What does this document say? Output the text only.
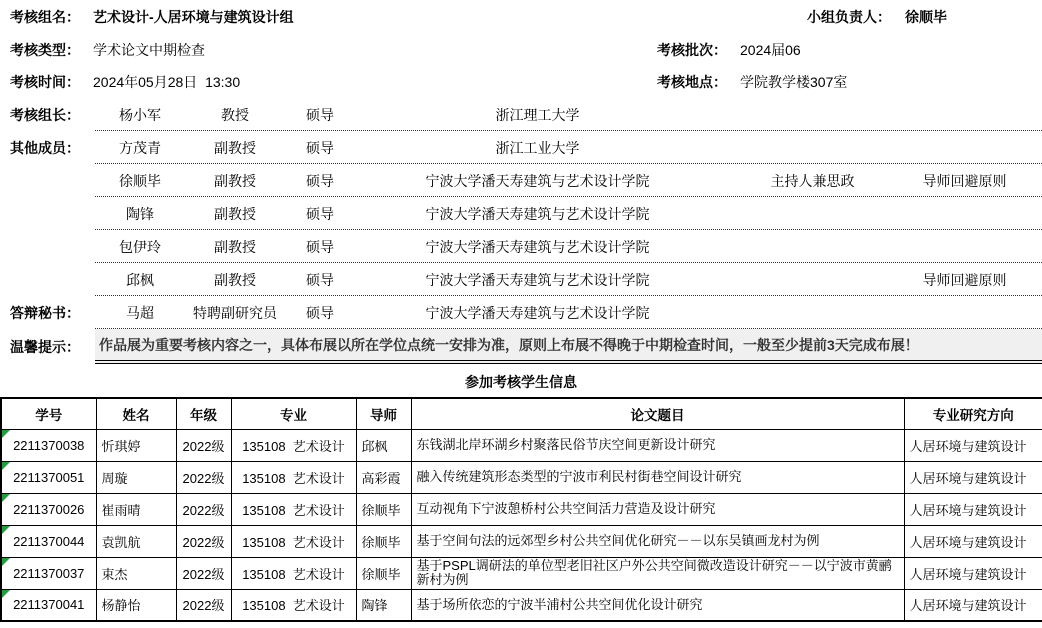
考核组名： 艺术设计-人居环境与建筑设计组	小组负责人： 徐顺毕
考核类型： 学术论文中期检查	考核批次： 2024届06
考核时间： 2024年05月28日  13:30	考核地点： 学院教学楼307室
考核组长：	杨小军	教授	硕导	浙江理工大学
其他成员：	方茂青	副教授	硕导	浙江工业大学
徐顺毕	副教授	硕导	宁波大学潘天寿建筑与艺术设计学院	主持人兼思政	导师回避原则
陶锋	副教授	硕导	宁波大学潘天寿建筑与艺术设计学院
包伊玲	副教授	硕导	宁波大学潘天寿建筑与艺术设计学院
邱枫	副教授	硕导	宁波大学潘天寿建筑与艺术设计学院	导师回避原则
答辩秘书：	马超	特聘副研究员	硕导	宁波大学潘天寿建筑与艺术设计学院
温馨提示：	作品展为重要考核内容之一，具体布展以所在学位点统一安排为准，原则上布展不得晚于中期检查时间，一般至少提前3天完成布展！
参加考核学生信息
学号	姓名	年级	专业	导师	论文题目	专业研究方向

2211370038	忻琪婷	2022级	135108  艺术设计	邱枫	东钱湖北岸环湖乡村聚落民俗节庆空间更新设计研究	人居环境与建筑设计

2211370051	周璇	2022级	135108  艺术设计	高彩霞	融入传统建筑形态类型的宁波市利民村街巷空间设计研究	人居环境与建筑设计

2211370026	崔雨晴	2022级	135108  艺术设计	徐顺毕	互动视角下宁波憩桥村公共空间活力营造及设计研究	人居环境与建筑设计

2211370044	袁凯航	2022级	135108  艺术设计	徐顺毕	基于空间句法的远郊型乡村公共空间优化研究－－以东吴镇画龙村为例	人居环境与建筑设计

2211370037	束杰	2022级	135108  艺术设计	徐顺毕	基于PSPL调研法的单位型老旧社区户外公共空间微改造设计研究－－以宁波市黄鹂新村为例	人居环境与建筑设计

2211370041	杨静怡	2022级	135108  艺术设计	陶锋	基于场所依恋的宁波半浦村公共空间优化设计研究	人居环境与建筑设计
